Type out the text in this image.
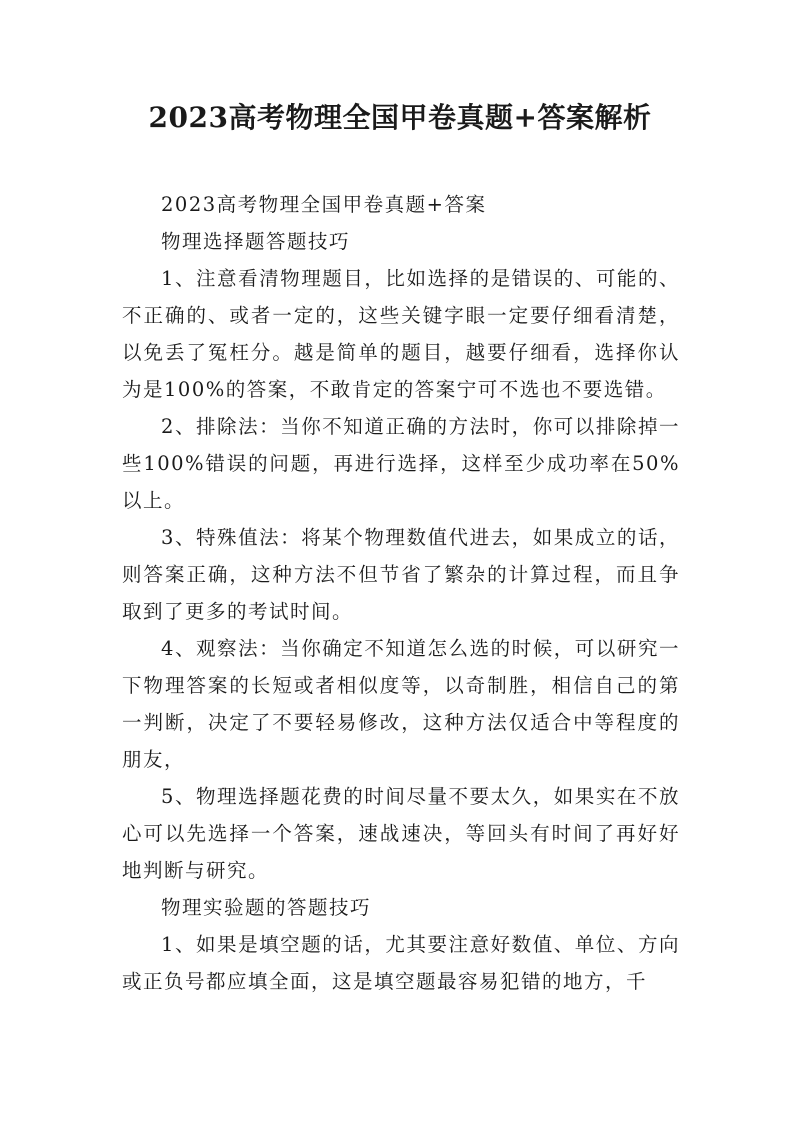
2023高考物理全国甲卷真题+答案解析

2023高考物理全国甲卷真题+答案

物理选择题答题技巧

1、注意看清物理题目，比如选择的是错误的、可能的、不正确的、或者一定的，这些关键字眼一定要仔细看清楚，以免丢了冤枉分。越是简单的题目，越要仔细看，选择你认为是100%的答案，不敢肯定的答案宁可不选也不要选错。

2、排除法：当你不知道正确的方法时，你可以排除掉一些100%错误的问题，再进行选择，这样至少成功率在50%以上。

3、特殊值法：将某个物理数值代进去，如果成立的话，则答案正确，这种方法不但节省了繁杂的计算过程，而且争取到了更多的考试时间。

4、观察法：当你确定不知道怎么选的时候，可以研究一下物理答案的长短或者相似度等，以奇制胜，相信自己的第一判断，决定了不要轻易修改，这种方法仅适合中等程度的朋友，

5、物理选择题花费的时间尽量不要太久，如果实在不放心可以先选择一个答案，速战速决，等回头有时间了再好好地判断与研究。

物理实验题的答题技巧

1、如果是填空题的话，尤其要注意好数值、单位、方向或正负号都应填全面，这是填空题最容易犯错的地方，千
